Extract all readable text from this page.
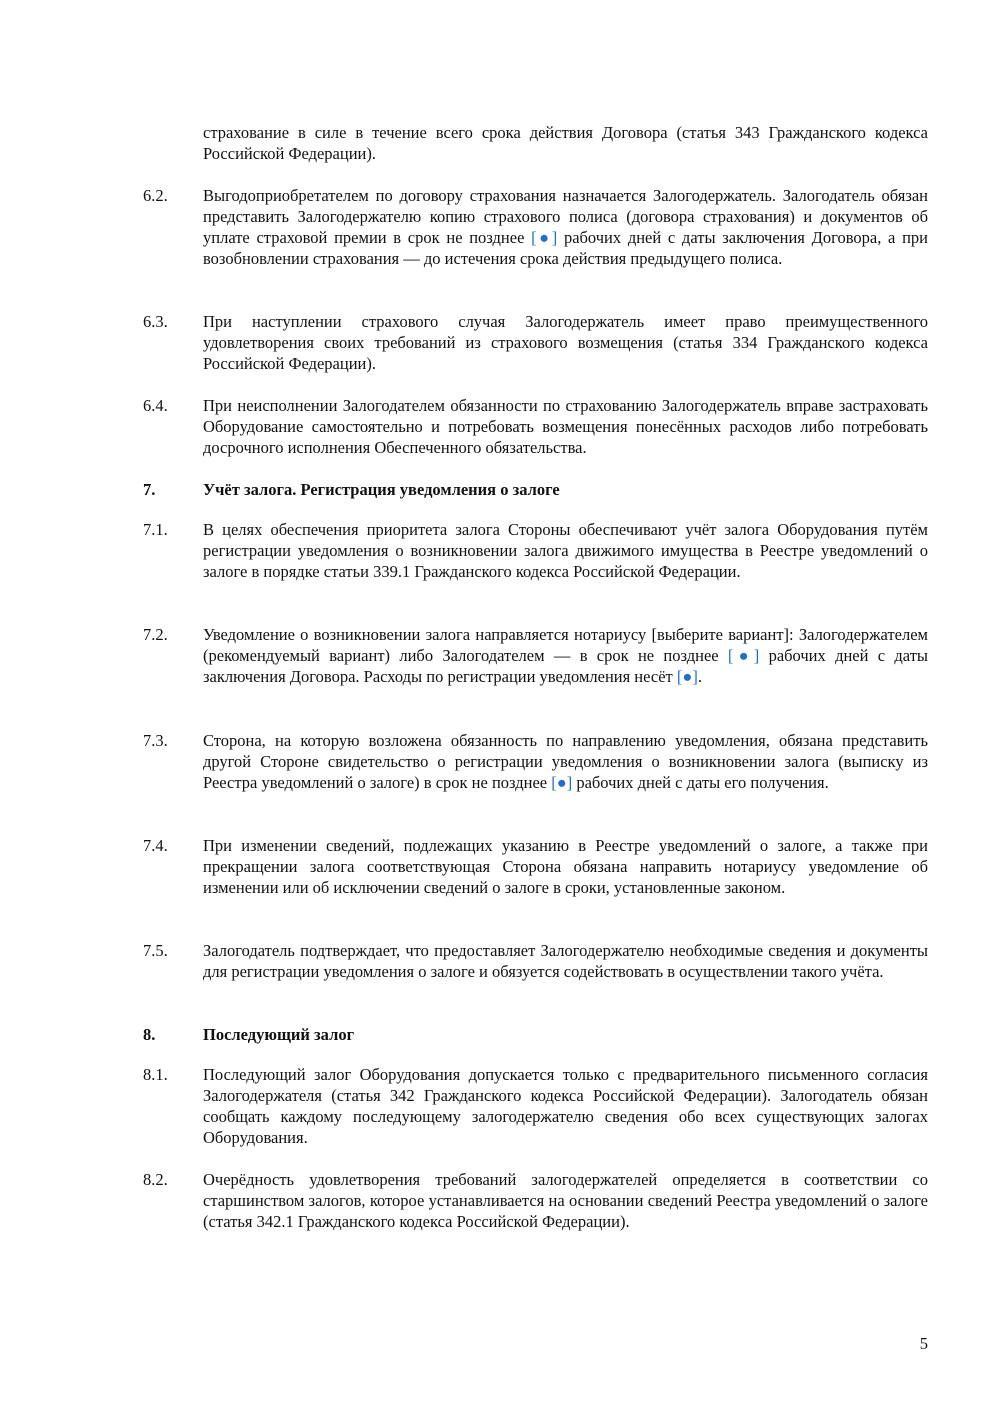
страхование в силе в течение всего срока действия Договора (статья 343 Гражданского кодекса Российской Федерации).
6.2.	Выгодоприобретателем по договору страхования назначается Залогодержатель. Залогодатель обязан представить Залогодержателю копию страхового полиса (договора страхования) и документов об уплате страховой премии в срок не позднее [●] рабочих дней с даты заключения Договора, а при возобновлении страхования — до истечения срока действия предыдущего полиса.
6.3.	При наступлении страхового случая Залогодержатель имеет право преимущественного удовлетворения своих требований из страхового возмещения (статья 334 Гражданского кодекса Российской Федерации).
6.4.	При неисполнении Залогодателем обязанности по страхованию Залогодержатель вправе застраховать Оборудование самостоятельно и потребовать возмещения понесённых расходов либо потребовать досрочного исполнения Обеспеченного обязательства.
7.	Учёт залога. Регистрация уведомления о залоге
7.1.	В целях обеспечения приоритета залога Стороны обеспечивают учёт залога Оборудования путём регистрации уведомления о возникновении залога движимого имущества в Реестре уведомлений о залоге в порядке статьи 339.1 Гражданского кодекса Российской Федерации.
7.2.	Уведомление о возникновении залога направляется нотариусу [выберите вариант]: Залогодержателем (рекомендуемый вариант) либо Залогодателем — в срок не позднее [●] рабочих дней с даты заключения Договора. Расходы по регистрации уведомления несёт [●].
7.3.	Сторона, на которую возложена обязанность по направлению уведомления, обязана представить другой Стороне свидетельство о регистрации уведомления о возникновении залога (выписку из Реестра уведомлений о залоге) в срок не позднее [●] рабочих дней с даты его получения.
7.4.	При изменении сведений, подлежащих указанию в Реестре уведомлений о залоге, а также при прекращении залога соответствующая Сторона обязана направить нотариусу уведомление об изменении или об исключении сведений о залоге в сроки, установленные законом.
7.5.	Залогодатель подтверждает, что предоставляет Залогодержателю необходимые сведения и документы для регистрации уведомления о залоге и обязуется содействовать в осуществлении такого учёта.
8.	Последующий залог
8.1.	Последующий залог Оборудования допускается только с предварительного письменного согласия Залогодержателя (статья 342 Гражданского кодекса Российской Федерации). Залогодатель обязан сообщать каждому последующему залогодержателю сведения обо всех существующих залогах Оборудования.
8.2.	Очерёдность удовлетворения требований залогодержателей определяется в соответствии со старшинством залогов, которое устанавливается на основании сведений Реестра уведомлений о залоге (статья 342.1 Гражданского кодекса Российской Федерации).
5
